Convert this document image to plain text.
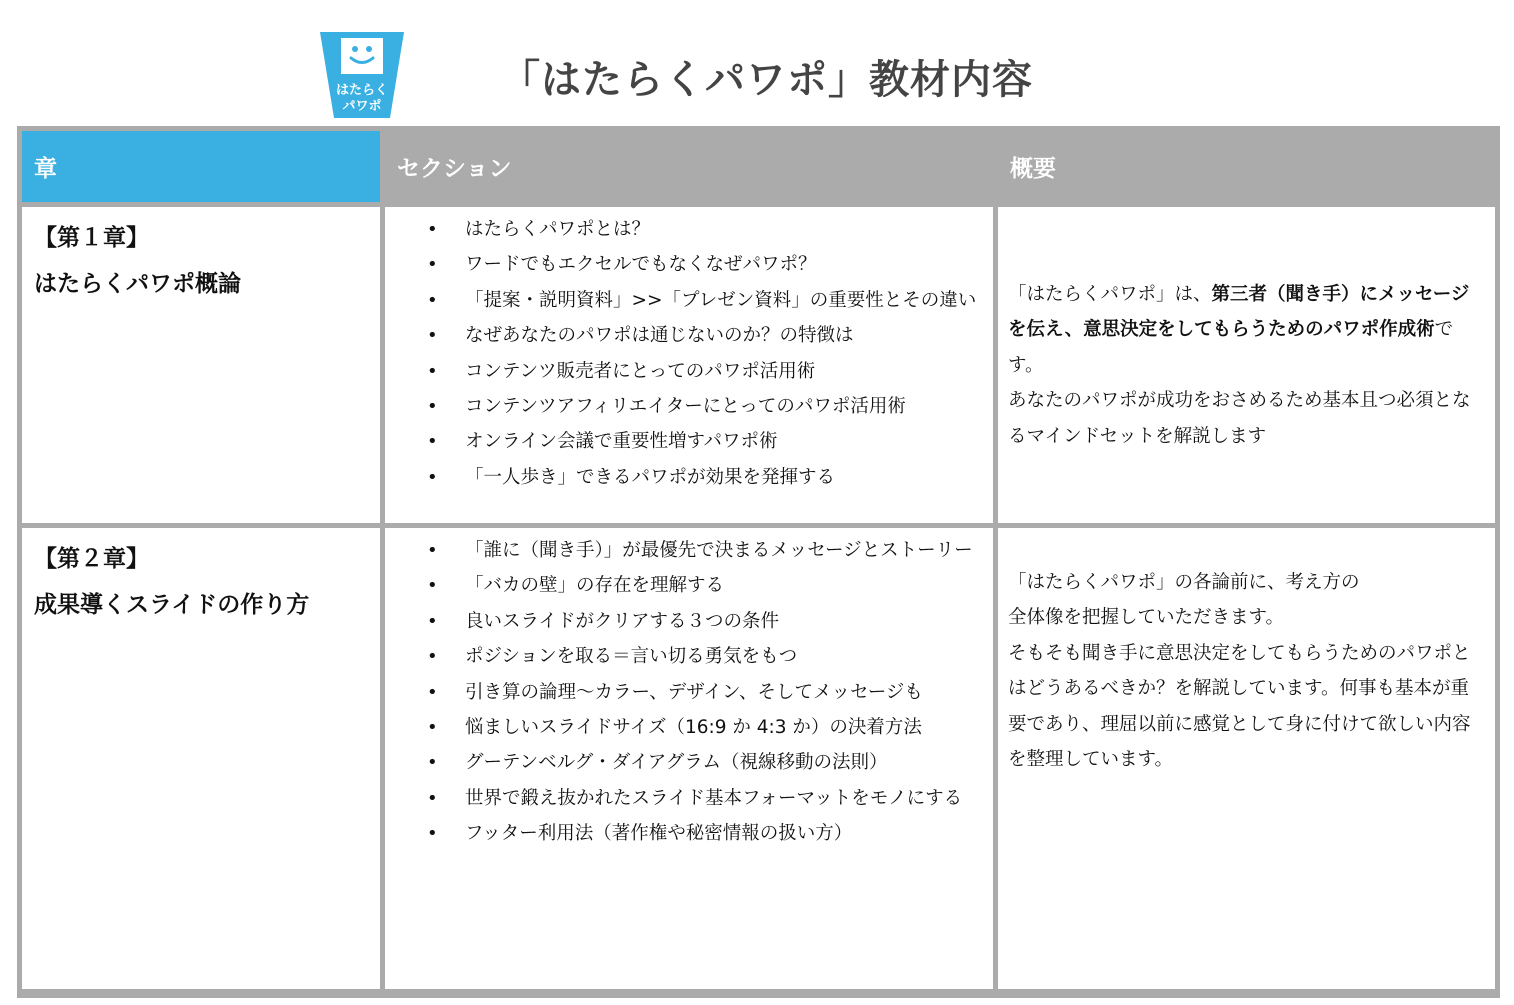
はたらく
パワポ
「はたらくパワポ」教材内容
章	セクション	概要
【第１章】
はたらくパワポ概論
• はたらくパワポとは？
• ワードでもエクセルでもなくなぜパワポ？
• 「提案・説明資料」>>「プレゼン資料」の重要性とその違い
• なぜあなたのパワポは通じないのか？の特徴は
• コンテンツ販売者にとってのパワポ活用術
• コンテンツアフィリエイターにとってのパワポ活用術
• オンライン会議で重要性増すパワポ術
• 「一人歩き」できるパワポが効果を発揮する
「はたらくパワポ」は、第三者（聞き手）にメッセージを伝え、意思決定をしてもらうためのパワポ作成術です。
あなたのパワポが成功をおさめるため基本且つ必須となるマインドセットを解説します
【第２章】
成果導くスライドの作り方
• 「誰に（聞き手）」が最優先で決まるメッセージとストーリー
• 「バカの壁」の存在を理解する
• 良いスライドがクリアする３つの条件
• ポジションを取る＝言い切る勇気をもつ
• 引き算の論理～カラー、デザイン、そしてメッセージも
• 悩ましいスライドサイズ（16:9 か 4:3 か）の決着方法
• グーテンベルグ・ダイアグラム（視線移動の法則）
• 世界で鍛え抜かれたスライド基本フォーマットをモノにする
• フッター利用法（著作権や秘密情報の扱い方）
「はたらくパワポ」の各論前に、考え方の
全体像を把握していただきます。
そもそも聞き手に意思決定をしてもらうためのパワポとはどうあるべきか？を解説しています。何事も基本が重要であり、理屈以前に感覚として身に付けて欲しい内容を整理しています。
